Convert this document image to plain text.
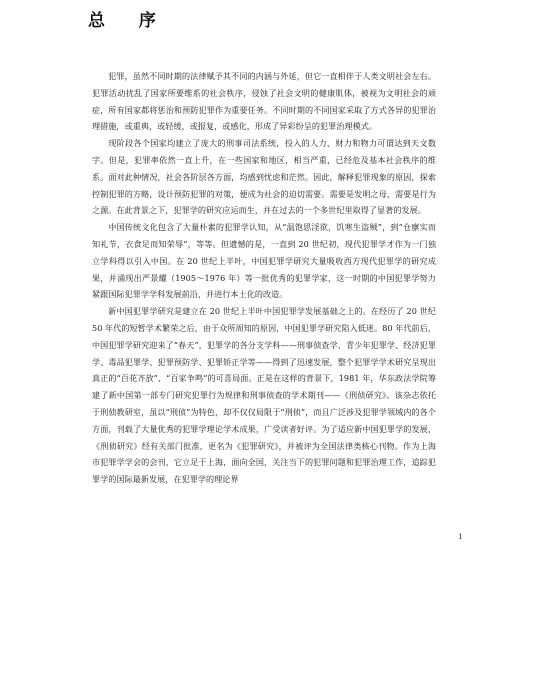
总 序

犯罪，虽然不同时期的法律赋予其不同的内涵与外延，但它一直相伴于人类文明社会左右。犯罪活动扰乱了国家所要维系的社会秩序，侵蚀了社会文明的健康肌体，被视为文明社会的顽症，所有国家都将惩治和预防犯罪作为重要任务。不同时期的不同国家采取了方式各异的犯罪治理措施，或重典，或轻缓，或报复，或感化，形成了异彩纷呈的犯罪治理模式。

现阶段各个国家均建立了庞大的刑事司法系统，投入的人力、财力和物力可谓达到天文数字。但是，犯罪率依然一直上升，在一些国家和地区，相当严重，已经危及基本社会秩序的维系。面对此种情况，社会各阶层各方面，均感到忧虑和茫然。因此，解释犯罪现象的原因，探索控制犯罪的方略，设计预防犯罪的对策，便成为社会的迫切需要。需要是发明之母，需要是行为之源。在此背景之下，犯罪学的研究应运而生，并在过去的一个多世纪里取得了显著的发展。

中国传统文化包含了大量朴素的犯罪学认知，从“温饱思淫欲，饥寒生盗贼”，到“仓廪实而知礼节，衣食足而知荣辱”，等等。但遗憾的是，一直到 20 世纪初，现代犯罪学才作为一门独立学科得以引入中国。在 20 世纪上半叶，中国犯罪学研究大量吸收西方现代犯罪学的研究成果，并涌现出严景耀（1905～1976 年）等一批优秀的犯罪学家，这一时期的中国犯罪学努力紧跟国际犯罪学学科发展前沿，并进行本土化的改造。

新中国犯罪学研究是建立在 20 世纪上半叶中国犯罪学发展基础之上的。在经历了 20 世纪 50 年代的短暂学术繁荣之后，由于众所周知的原因，中国犯罪学研究陷入低迷。80 年代前后，中国犯罪学研究迎来了“春天”，犯罪学的各分支学科——刑事侦查学、青少年犯罪学、经济犯罪学、毒品犯罪学、犯罪预防学、犯罪矫正学等——得到了迅速发展，整个犯罪学学术研究呈现出真正的“百花齐放”、“百家争鸣”的可喜局面。正是在这样的背景下，1981 年，华东政法学院筹建了新中国第一部专门研究犯罪行为规律和刑事侦查的学术期刊——《刑侦研究》。该杂志依托于刑侦教研室，虽以“刑侦”为特色，却不仅仅局限于“刑侦”，而且广泛涉及犯罪学领域内的各个方面，刊载了大量优秀的犯罪学理论学术成果，广受读者好评。为了适应新中国犯罪学的发展，《刑侦研究》经有关部门批准，更名为《犯罪研究》，并被评为全国法律类核心刊物。作为上海市犯罪学学会的会刊，它立足于上海，面向全国，关注当下的犯罪问题和犯罪治理工作，追踪犯罪学的国际最新发展，在犯罪学的理论界

1
